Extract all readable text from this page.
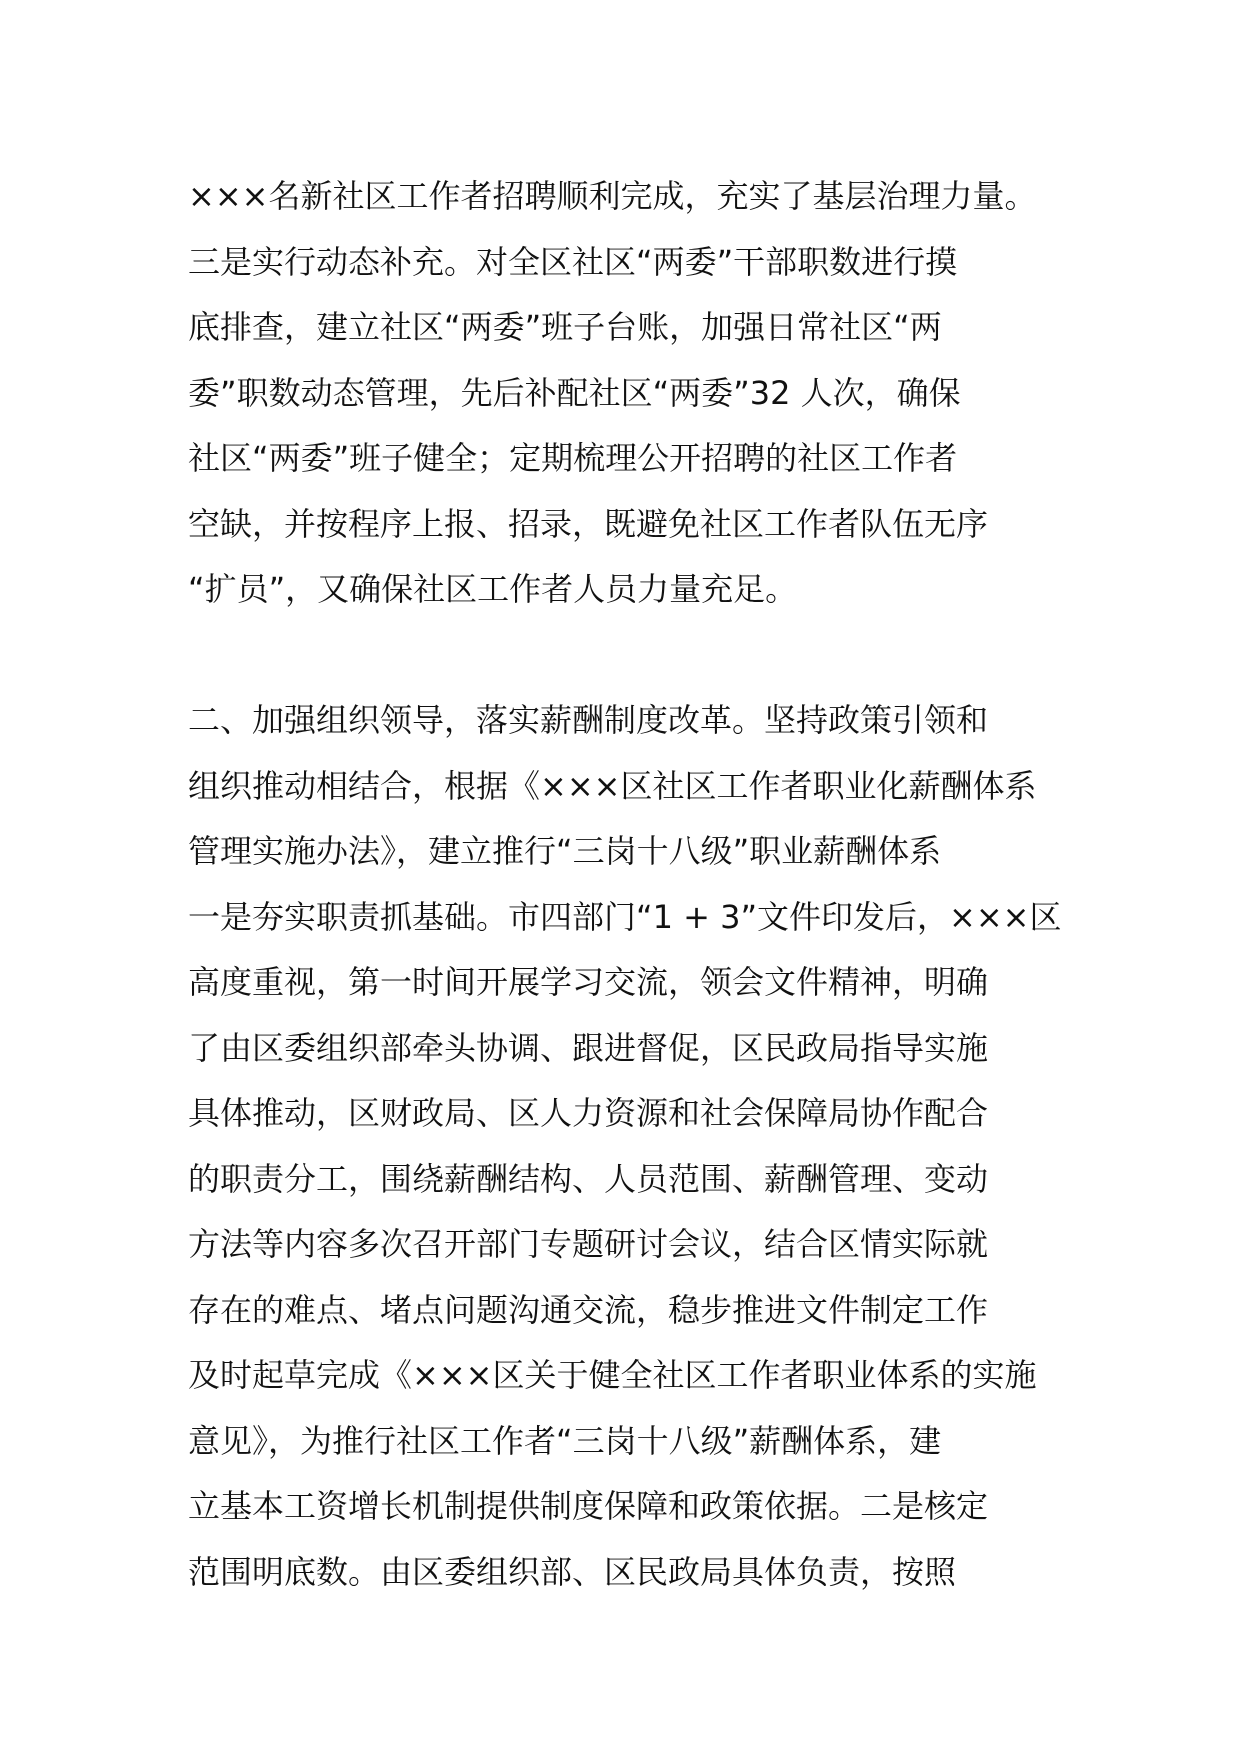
×××名新社区工作者招聘顺利完成，充实了基层治理力量。
三是实行动态补充。对全区社区“两委”干部职数进行摸
底排查，建立社区“两委”班子台账，加强日常社区“两
委”职数动态管理，先后补配社区“两委”32 人次，确保
社区“两委”班子健全；定期梳理公开招聘的社区工作者
空缺，并按程序上报、招录，既避免社区工作者队伍无序
“扩员”，又确保社区工作者人员力量充足。
二、加强组织领导，落实薪酬制度改革。坚持政策引领和
组织推动相结合，根据《×××区社区工作者职业化薪酬体系
管理实施办法》，建立推行“三岗十八级”职业薪酬体系
一是夯实职责抓基础。市四部门“1 + 3”文件印发后，×××区
高度重视，第一时间开展学习交流，领会文件精神，明确
了由区委组织部牵头协调、跟进督促，区民政局指导实施
具体推动，区财政局、区人力资源和社会保障局协作配合
的职责分工，围绕薪酬结构、人员范围、薪酬管理、变动
方法等内容多次召开部门专题研讨会议，结合区情实际就
存在的难点、堵点问题沟通交流，稳步推进文件制定工作
及时起草完成《×××区关于健全社区工作者职业体系的实施
意见》，为推行社区工作者“三岗十八级”薪酬体系，建
立基本工资增长机制提供制度保障和政策依据。二是核定
范围明底数。由区委组织部、区民政局具体负责，按照
